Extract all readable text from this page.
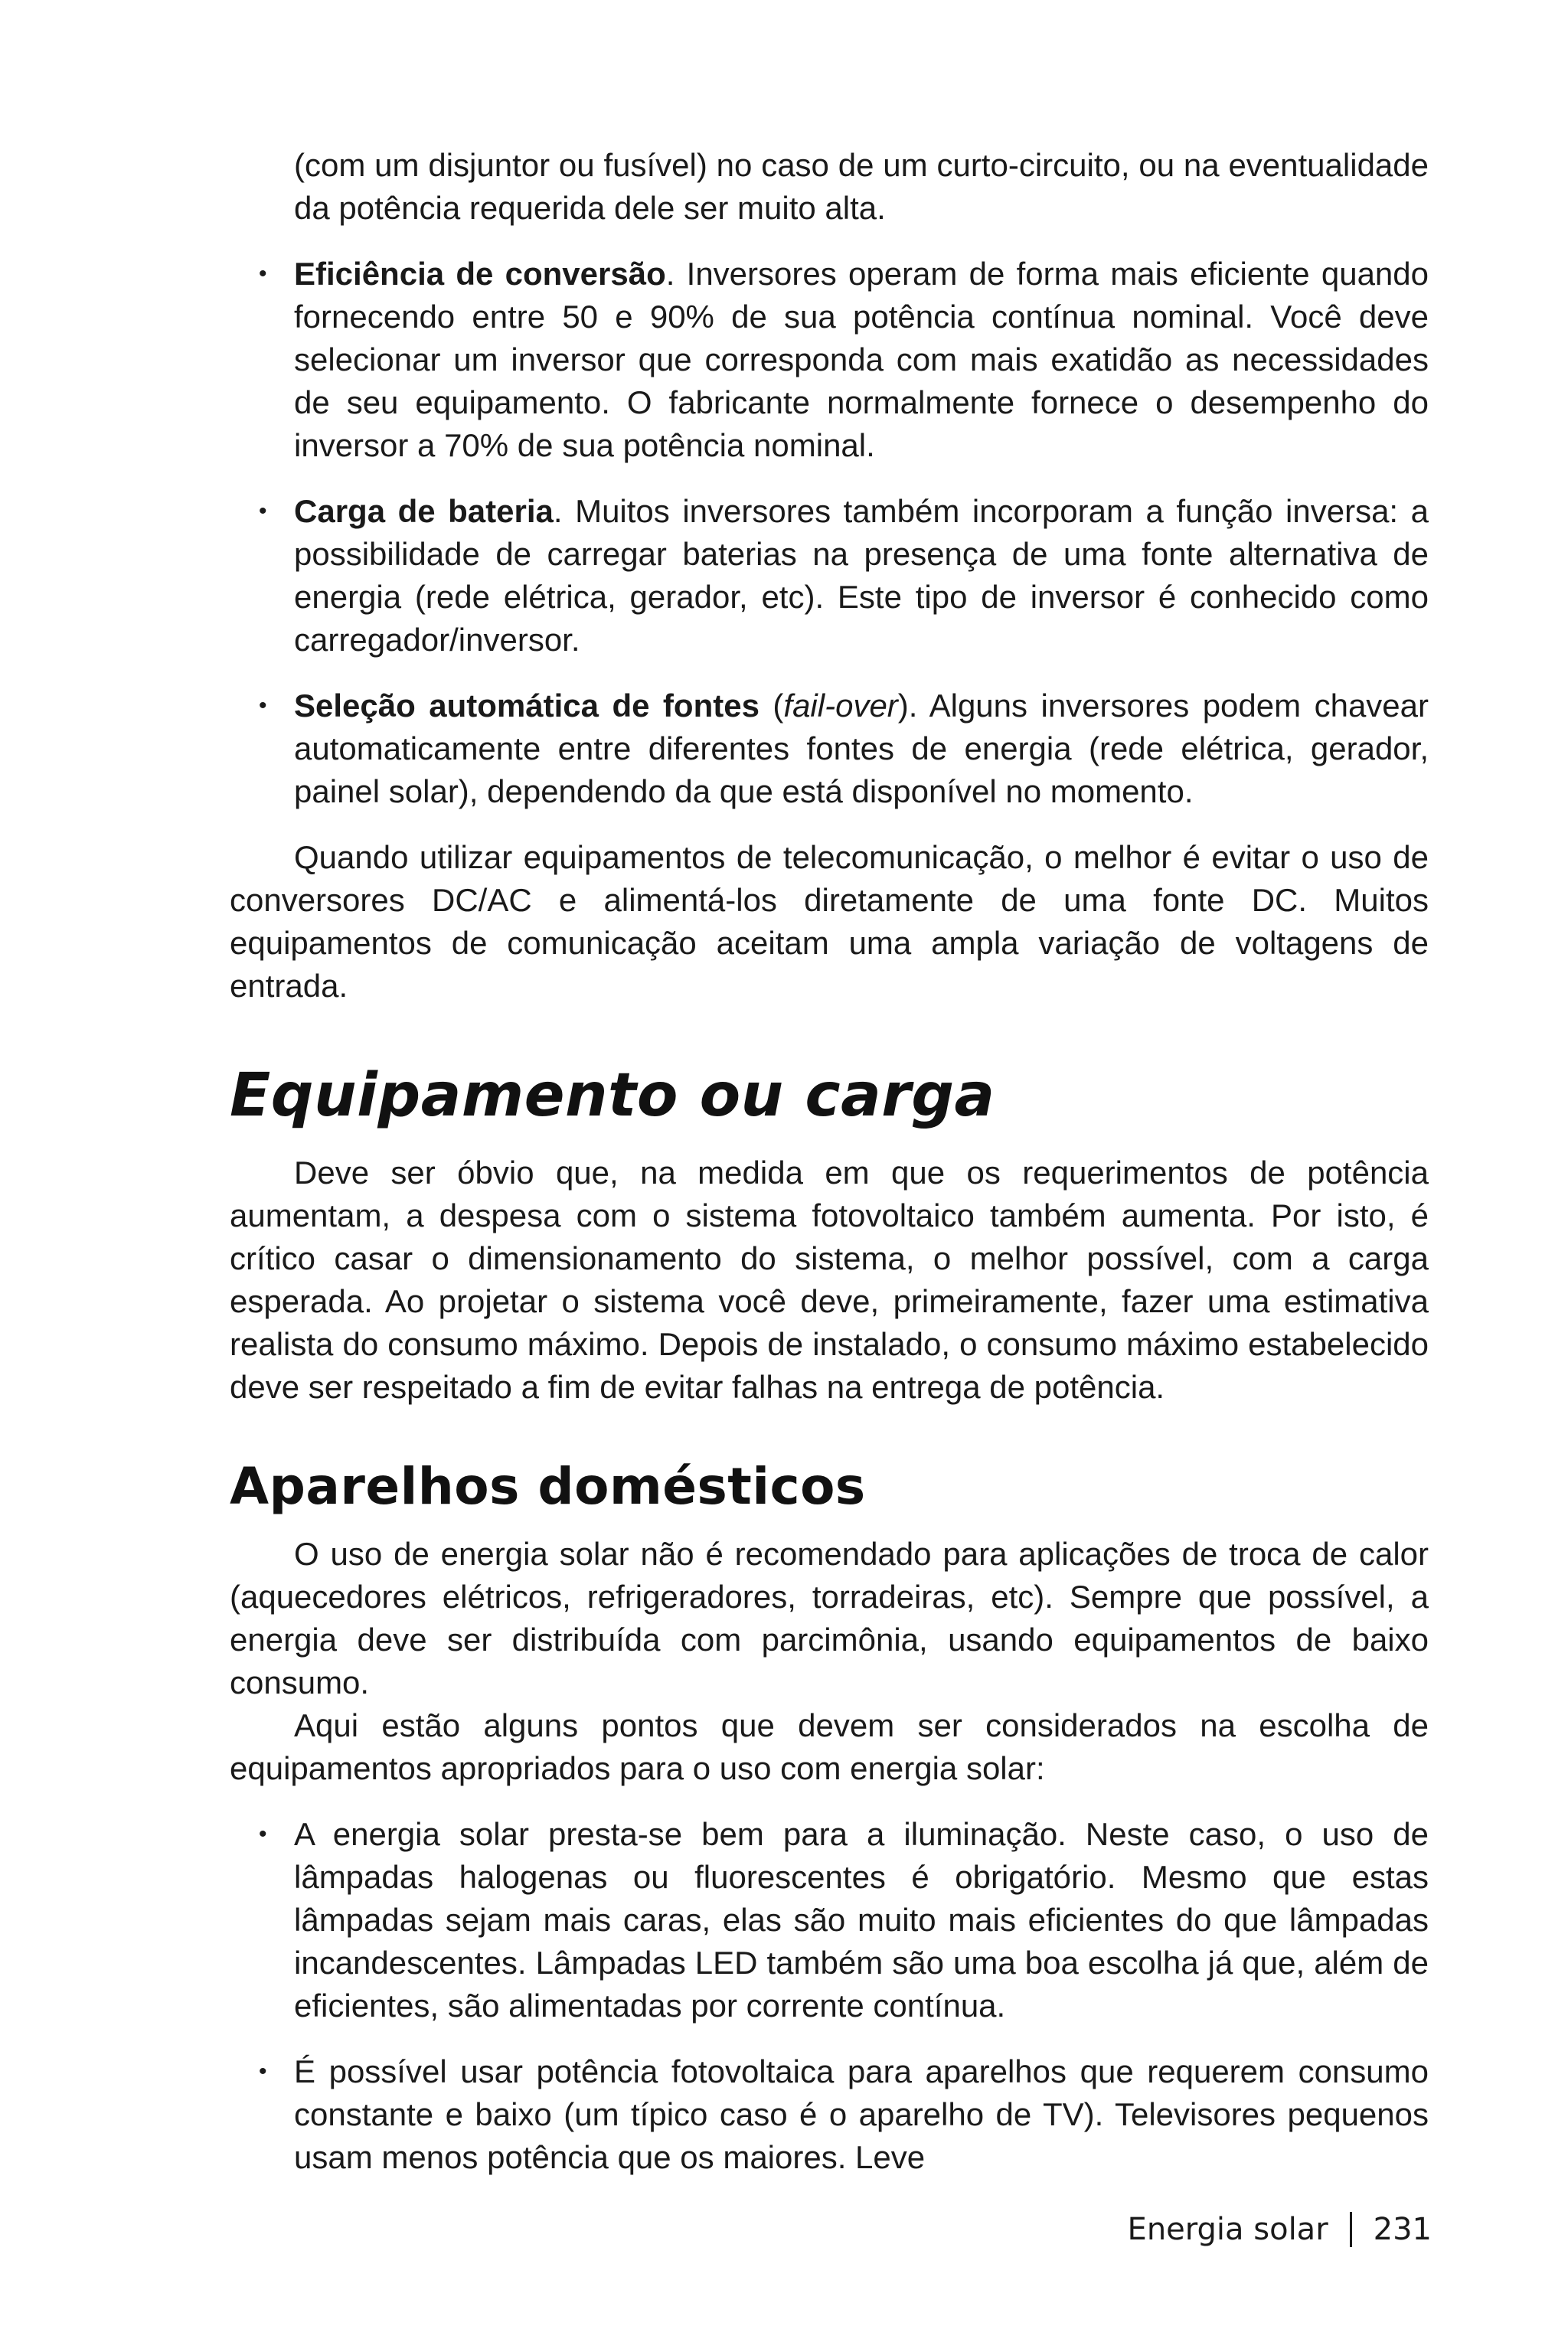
(com um disjuntor ou fusível) no caso de um curto-circuito, ou na eventualidade da potência requerida dele ser muito alta.

• Eficiência de conversão. Inversores operam de forma mais eficiente quando fornecendo entre 50 e 90% de sua potência contínua nominal. Você deve selecionar um inversor que corresponda com mais exatidão as necessidades de seu equipamento. O fabricante normalmente fornece o desempenho do inversor a 70% de sua potência nominal.
• Carga de bateria. Muitos inversores também incorporam a função inversa: a possibilidade de carregar baterias na presença de uma fonte alternativa de energia (rede elétrica, gerador, etc). Este tipo de inversor é conhecido como carregador/inversor.
• Seleção automática de fontes (fail-over). Alguns inversores podem chavear automaticamente entre diferentes fontes de energia (rede elétrica, gerador, painel solar), dependendo da que está disponível no momento.

Quando utilizar equipamentos de telecomunicação, o melhor é evitar o uso de conversores DC/AC e alimentá-los diretamente de uma fonte DC. Muitos equipamentos de comunicação aceitam uma ampla variação de voltagens de entrada.

Equipamento ou carga

Deve ser óbvio que, na medida em que os requerimentos de potência aumentam, a despesa com o sistema fotovoltaico também aumenta. Por isto, é crítico casar o dimensionamento do sistema, o melhor possível, com a carga esperada. Ao projetar o sistema você deve, primeiramente, fazer uma estimativa realista do consumo máximo. Depois de instalado, o consumo máximo estabelecido deve ser respeitado a fim de evitar falhas na entrega de potência.

Aparelhos domésticos

O uso de energia solar não é recomendado para aplicações de troca de calor (aquecedores elétricos, refrigeradores, torradeiras, etc). Sempre que possível, a energia deve ser distribuída com parcimônia, usando equipamentos de baixo consumo.

Aqui estão alguns pontos que devem ser considerados na escolha de equipamentos apropriados para o uso com energia solar:

• A energia solar presta-se bem para a iluminação. Neste caso, o uso de lâmpadas halogenas ou fluorescentes é obrigatório. Mesmo que estas lâmpadas sejam mais caras, elas são muito mais eficientes do que lâmpadas incandescentes. Lâmpadas LED também são uma boa escolha já que, além de eficientes, são alimentadas por corrente contínua.
• É possível usar potência fotovoltaica para aparelhos que requerem consumo constante e baixo (um típico caso é o aparelho de TV). Televisores pequenos usam menos potência que os maiores. Leve
Energia solar 231
